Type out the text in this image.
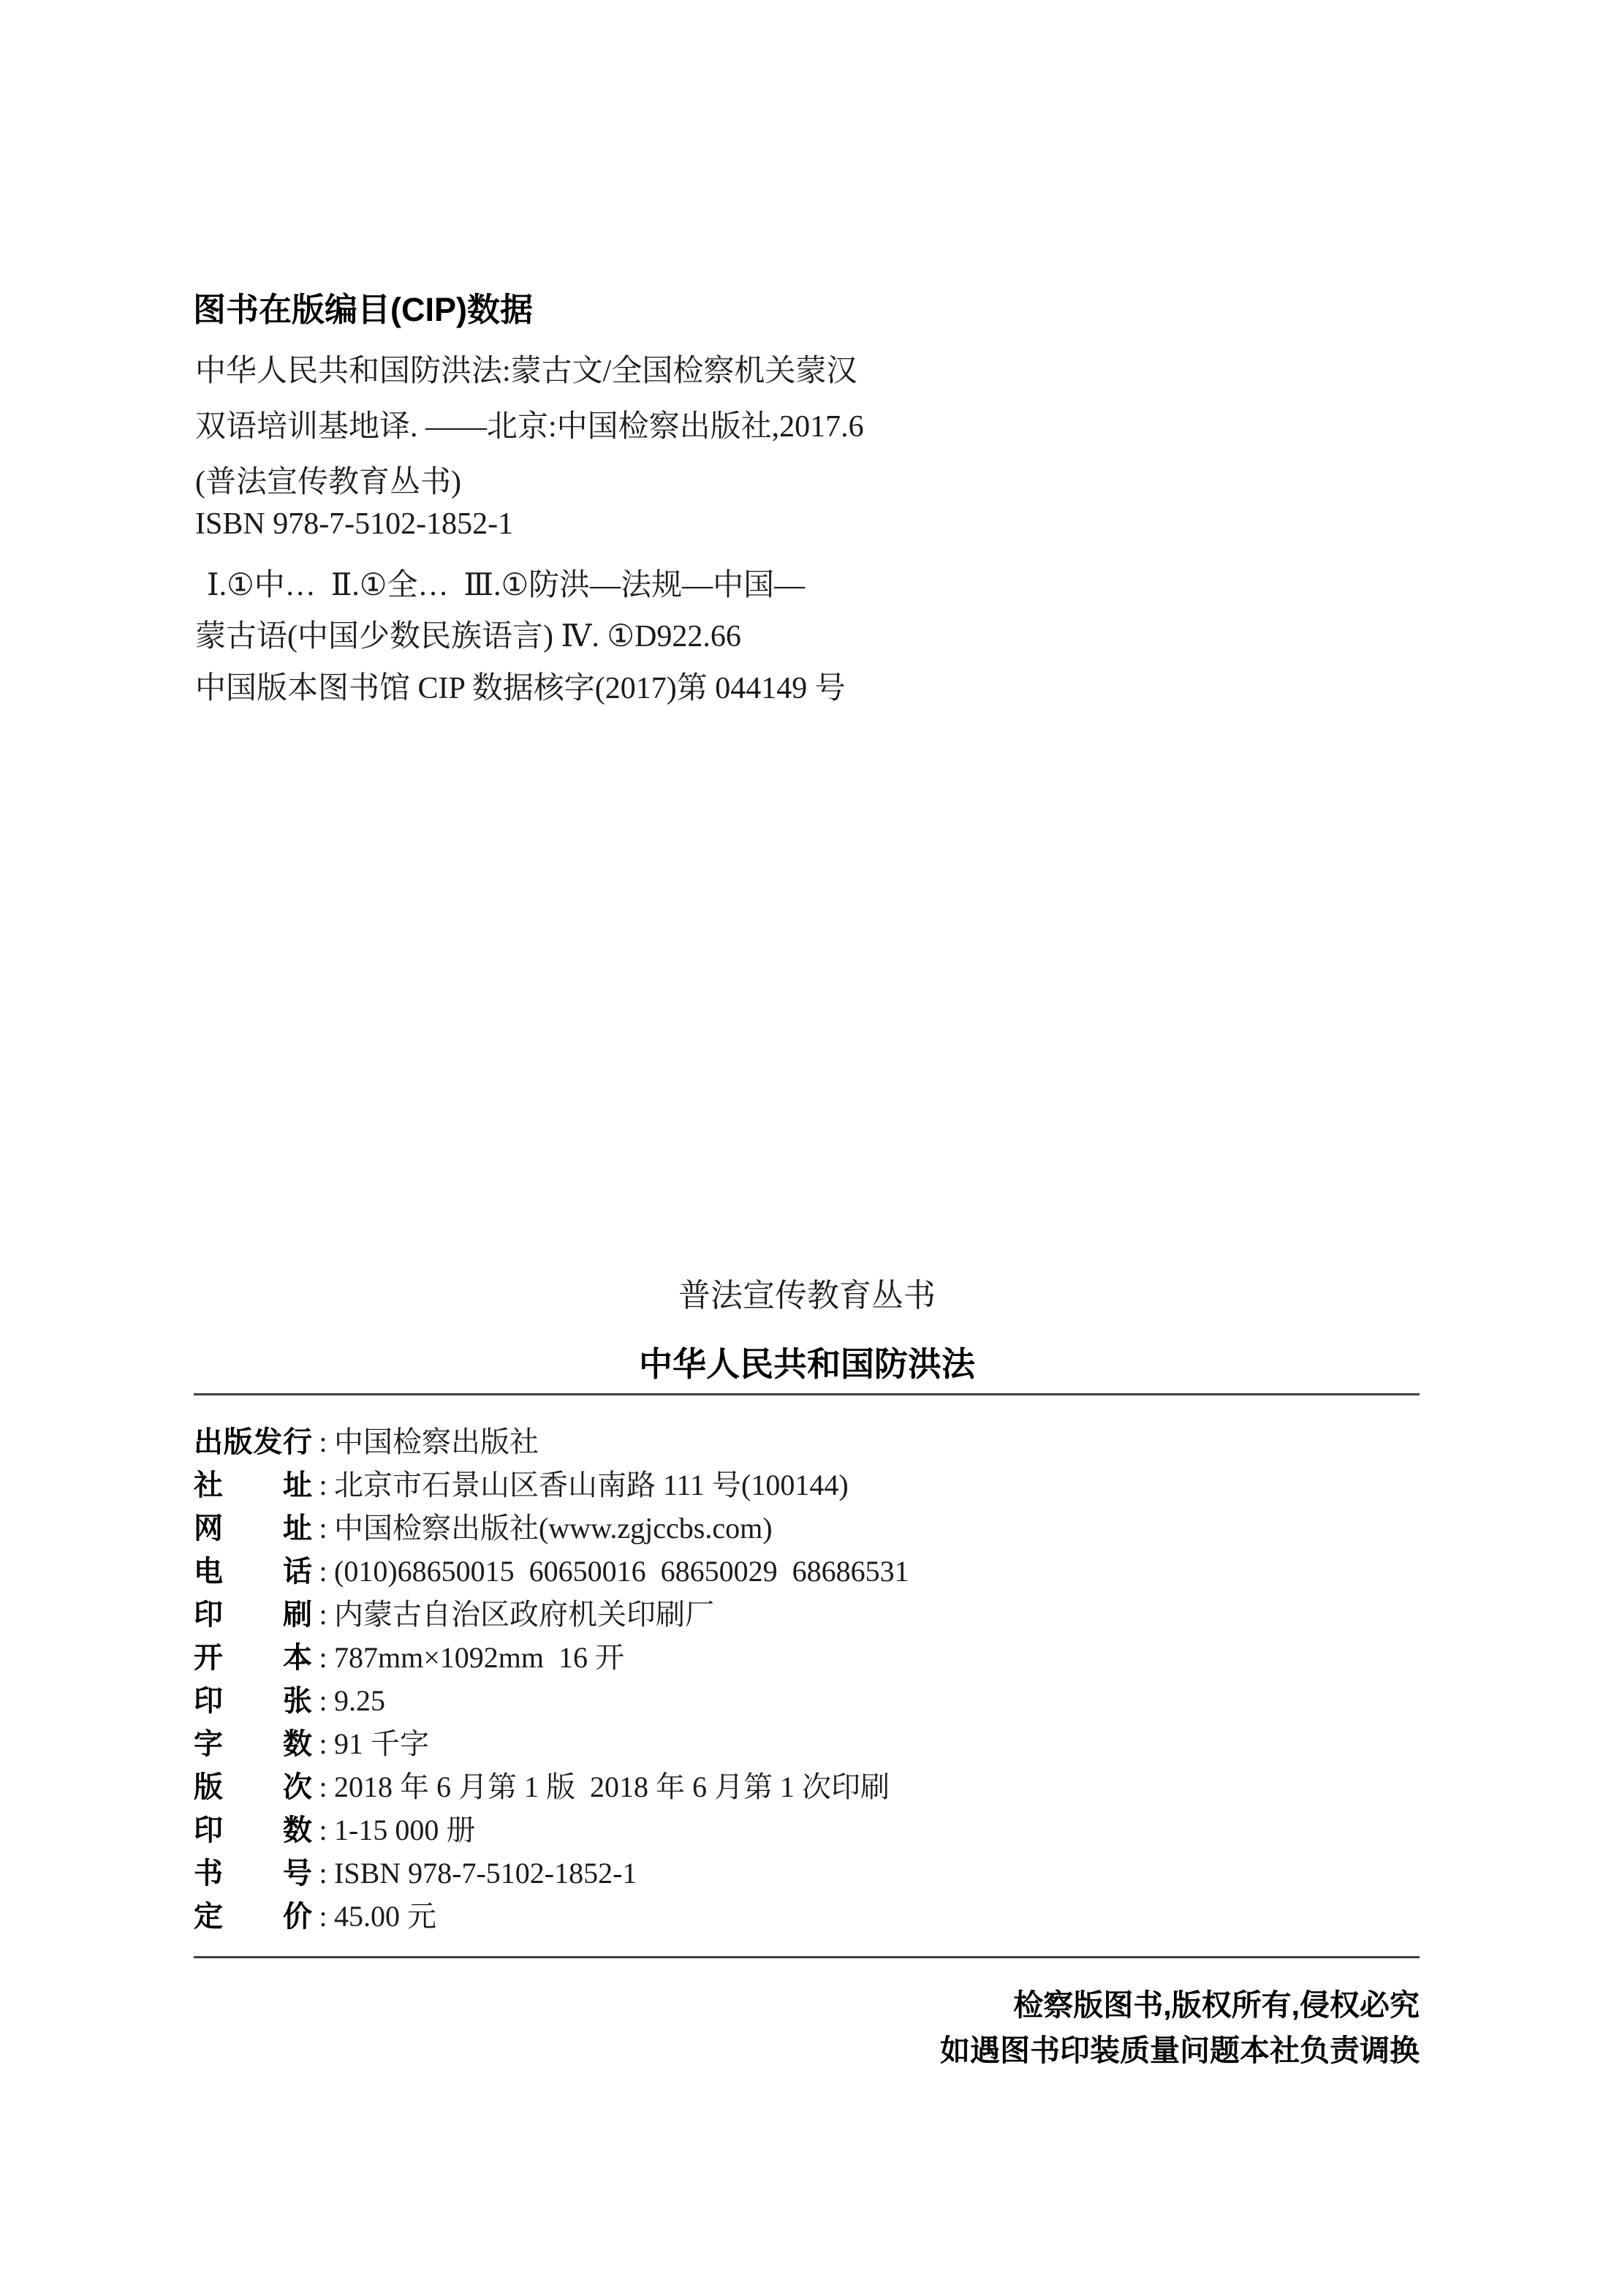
图书在版编目(CIP)数据
中华人民共和国防洪法:蒙古文/全国检察机关蒙汉
双语培训基地译. ——北京:中国检察出版社,2017.6
(普法宣传教育丛书)
ISBN 978-7-5102-1852-1
Ⅰ.①中…  Ⅱ.①全…  Ⅲ.①防洪—法规—中国—
蒙古语(中国少数民族语言) Ⅳ. ①D922.66
中国版本图书馆 CIP 数据核字(2017)第 044149 号
普法宣传教育丛书
中华人民共和国防洪法
出 版 发 行 : 中国检察出版社
社 址 : 北京市石景山区香山南路 111 号(100144)
网 址 : 中国检察出版社(www.zgjccbs.com)
电 话 : (010)68650015  60650016  68650029  68686531
印 刷 : 内蒙古自治区政府机关印刷厂
开 本 : 787mm×1092mm  16 开
印 张 : 9.25
字 数 : 91 千字
版 次 : 2018 年 6 月第 1 版  2018 年 6 月第 1 次印刷
印 数 : 1-15 000 册
书 号 : ISBN 978-7-5102-1852-1
定 价 : 45.00 元
检察版图书,版权所有,侵权必究
如遇图书印装质量问题本社负责调换
